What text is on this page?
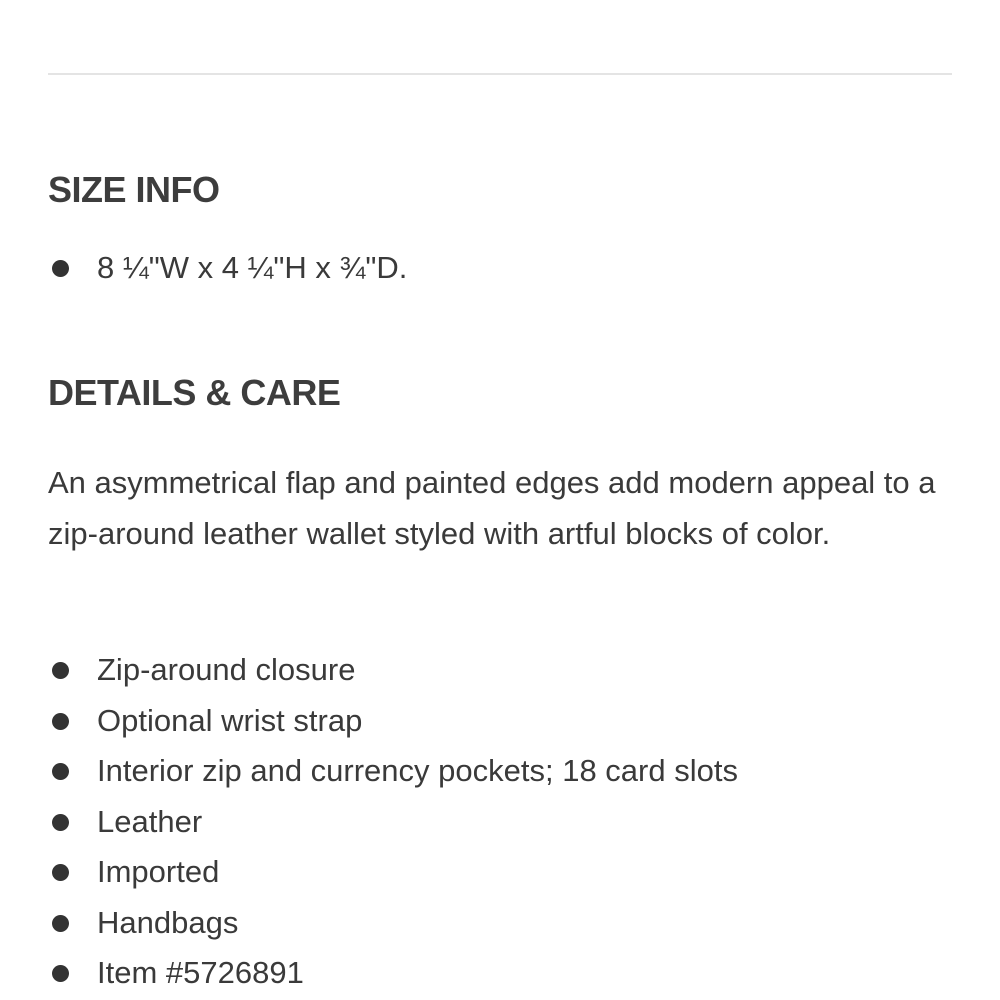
SIZE INFO
8 ¼"W x 4 ¼"H x ¾"D.
DETAILS & CARE

An asymmetrical flap and painted edges add modern appeal to a zip-around leather wallet styled with artful blocks of color.

Zip-around closure
Optional wrist strap
Interior zip and currency pockets; 18 card slots
Leather
Imported
Handbags
Item #5726891
